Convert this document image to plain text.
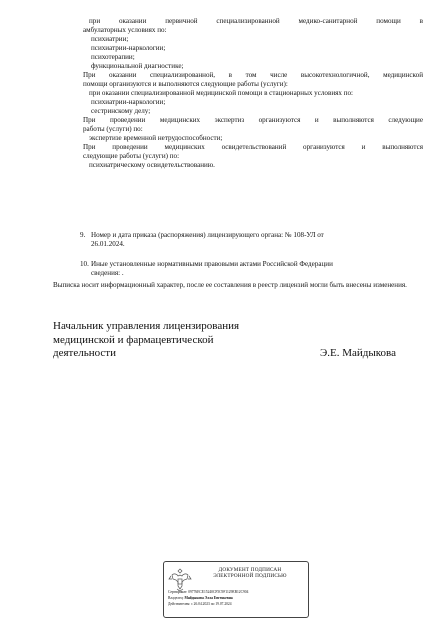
при оказании первичной специализированной медико-санитарной помощи в
амбулаторных условиях по:
психиатрии;
психиатрии-наркологии;
психотерапии;
функциональной диагностике;
При оказании специализированной, в том числе высокотехнологичной, медицинской
помощи организуются и выполняются следующие работы (услуги):
при оказании специализированной медицинской помощи в стационарных условиях по:
психиатрии-наркологии;
сестринскому делу;
При проведении медицинских экспертиз организуются и выполняются следующие
работы (услуги) по:
экспертизе временной нетрудоспособности;
При проведении медицинских освидетельствований организуются и выполняются
следующие работы (услуги) по:
психиатрическому освидетельствованию.
9. Номер и дата приказа (распоряжения) лицензирующего органа: № 108-УЛ от
26.01.2024.
10. Иные установленные нормативными правовыми актами Российской Федерации
сведения: .
Выписка носит информационный характер, после ее составления в реестр лицензий могли быть внесены изменения.
Начальник управления лицензирования
медицинской и фармацевтической
деятельности	Э.Е. Майдыкова
ДОКУМЕНТ ПОДПИСАН
ЭЛЕКТРОННОЙ ПОДПИСЬЮ
Сертификат: 09776ECE15240CF5C9F1129EB12C904
Владелец: Майдыкова Элла Евгеньевна
Действителен: с 26.04.2023 по 19.07.2024
